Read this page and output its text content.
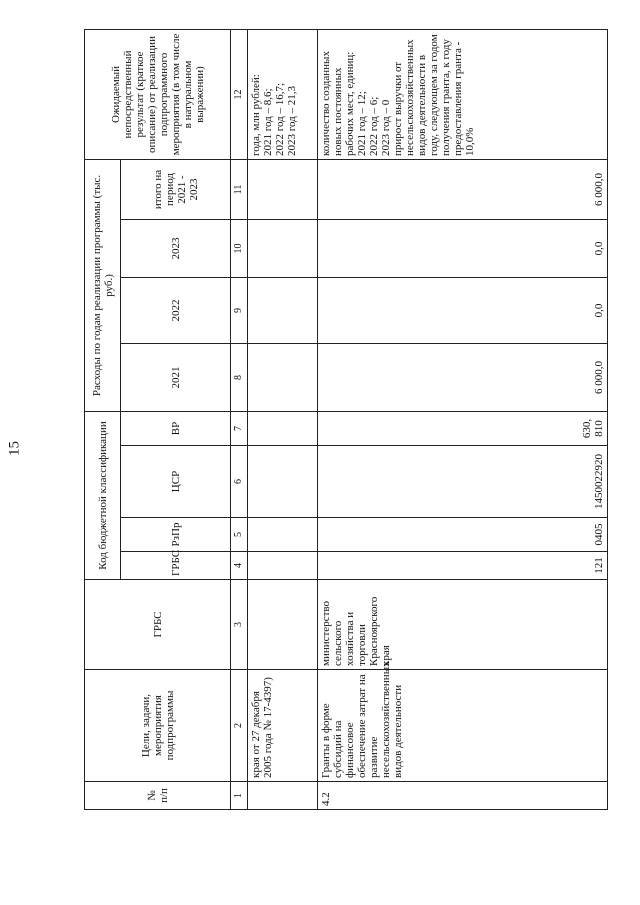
15
№ п/п	Цели, задачи, мероприятия подпрограммы	ГРБС	Код бюджетной классификации				Расходы по годам реализации программы (тыс. руб.)				Ожидаемый непосредственный результат (краткое описание) от реализации подпрограммного мероприятия (в том числе в натуральном выражении)
			ГРБС	РзПр	ЦСР	ВР	2021	2022	2023	итого на период 2021 - 2023	
1	2	3	4	5	6	7	8	9	10	11	12
	края от 27 декабря 2005 года № 17-4397)										года, млн рублей:
2021 год – 8,6;
2022 год – 16,7;
2023 год – 21,3
4.2	Гранты в форме субсидий на финансовое обеспечение затрат на развитие несельскохозяйственных видов деятельности	министерство сельского хозяйства и торговли Красноярского края	121	0405	1450022920	630, 810	6 000,0	0,0	0,0	6 000,0	количество созданных новых постоянных рабочих мест, единиц:
2021 год – 12;
2022 год – 6;
2023 год – 0
прирост выручки от несельскохозяйственных видов деятельности в году, следующем за годом получения гранта, к году предоставления гранта - 10,0%
